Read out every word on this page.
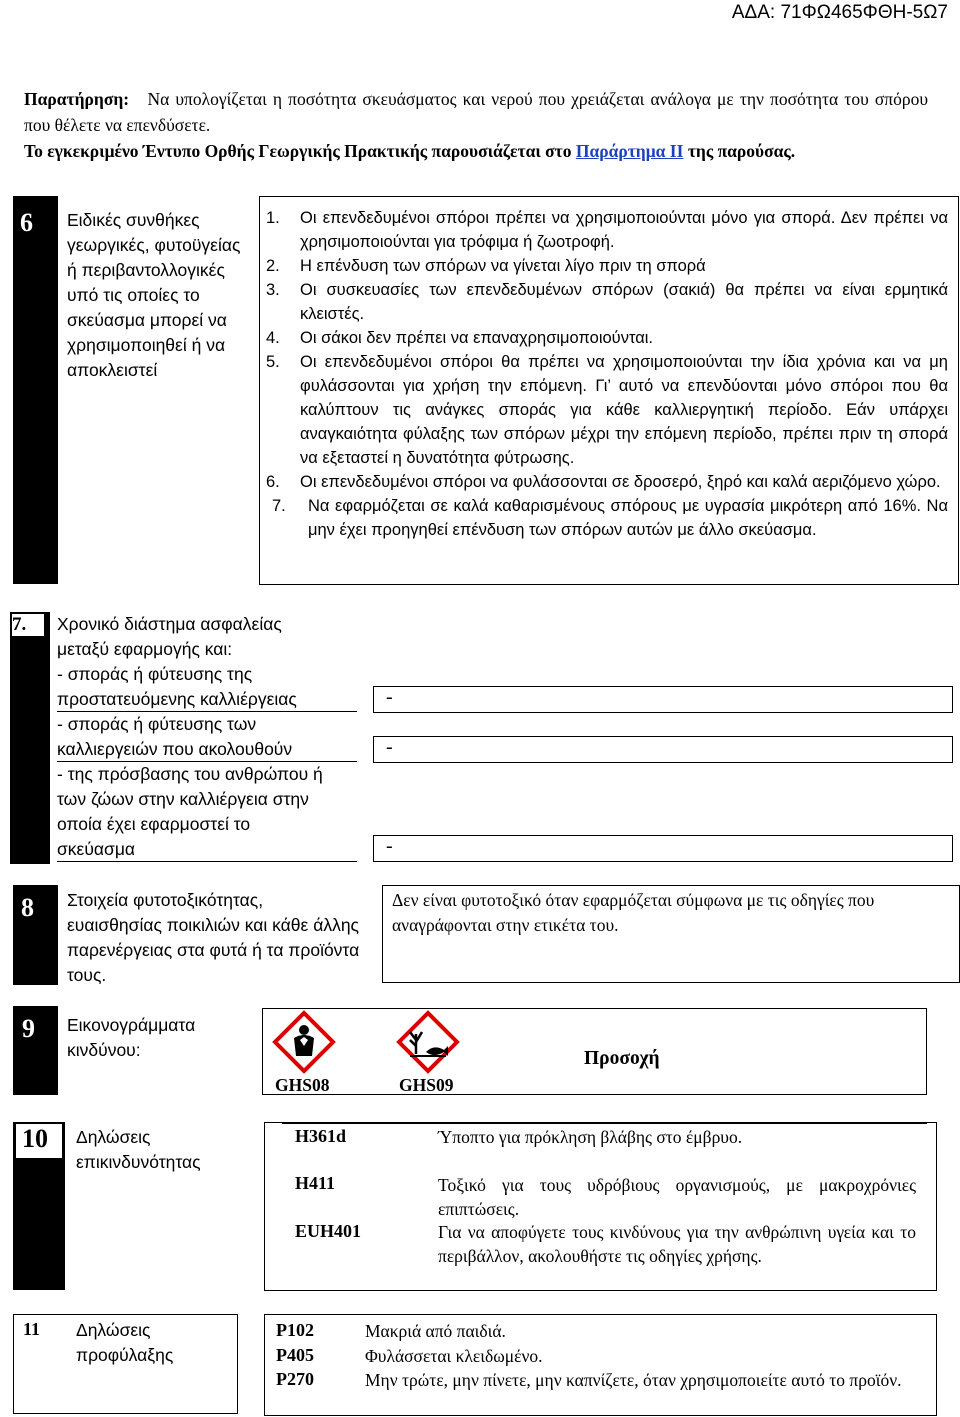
ΑΔΑ: 71ΦΩ465ΦΘΗ-5Ω7
Παρατήρηση: Να υπολογίζεται η ποσότητα σκευάσματος και νερού που χρειάζεται ανάλογα με την ποσότητα του σπόρου που θέλετε να επενδύσετε.
Το εγκεκριμένο Έντυπο Ορθής Γεωργικής Πρακτικής παρουσιάζεται στο Παράρτημα ΙΙ της παρούσας.
6 Ειδικές συνθήκες γεωργικές, φυτοϋγείας ή περιβαντολλογικές υπό τις οποίες το σκεύασμα μπορεί να χρησιμοποιηθεί ή να αποκλειστεί
1.	Οι επενδεδυμένοι σπόροι πρέπει να χρησιμοποιούνται μόνο για σπορά. Δεν πρέπει να χρησιμοποιούνται για τρόφιμα ή ζωοτροφή.
2.	Η επένδυση των σπόρων να γίνεται λίγο πριν τη σπορά
3.	Οι συσκευασίες των επενδεδυμένων σπόρων (σακιά) θα πρέπει να είναι ερμητικά κλειστές.
4.	Οι σάκοι δεν πρέπει να επαναχρησιμοποιούνται.
5.	Οι επενδεδυμένοι σπόροι θα πρέπει να χρησιμοποιούνται την ίδια χρόνια και να μη φυλάσσονται για χρήση την επόμενη. Γι’ αυτό να επενδύονται μόνο σπόροι που θα καλύπτουν τις ανάγκες σποράς για κάθε καλλιεργητική περίοδο. Εάν υπάρχει αναγκαιότητα φύλαξης των σπόρων μέχρι την επόμενη περίοδο, πρέπει πριν τη σπορά να εξεταστεί η δυνατότητα φύτρωσης.
6.	Οι επενδεδυμένοι σπόροι να φυλάσσονται σε δροσερό, ξηρό και καλά αεριζόμενο χώρο.
7.	Να εφαρμόζεται σε καλά καθαρισμένους σπόρους με υγρασία μικρότερη από 16%. Να μην έχει προηγηθεί επένδυση των σπόρων αυτών με άλλο σκεύασμα.
7. Χρονικό διάστημα ασφαλείας μεταξύ εφαρμογής και:
- σποράς ή φύτευσης της προστατευόμενης καλλιέργειας	-
- σποράς ή φύτευσης των καλλιεργειών που ακολουθούν	-
- της πρόσβασης του ανθρώπου ή των ζώων στην καλλιέργεια στην οποία έχει εφαρμοστεί το σκεύασμα	-
8 Στοιχεία φυτοτοξικότητας, ευαισθησίας ποικιλιών και κάθε άλλης παρενέργειας στα φυτά ή τα προϊόντα τους.
Δεν είναι φυτοτοξικό όταν εφαρμόζεται σύμφωνα με τις οδηγίες που αναγράφονται στην ετικέτα του.
9 Εικονογράμματα κινδύνου:
GHS08	GHS09
Προσοχή
10 Δηλώσεις επικινδυνότητας
H361d	Ύποπτο για πρόκληση βλάβης στο έμβρυο.
H411	Τοξικό για τους υδρόβιους οργανισμούς, με μακροχρόνιες επιπτώσεις.
EUH401	Για να αποφύγετε τους κινδύνους για την ανθρώπινη υγεία και το περιβάλλον, ακολουθήστε τις οδηγίες χρήσης.
11 Δηλώσεις προφύλαξης
P102	Μακριά από παιδιά.
P405	Φυλάσσεται κλειδωμένο.
P270	Μην τρώτε, μην πίνετε, μην καπνίζετε, όταν χρησιμοποιείτε αυτό το προϊόν.
